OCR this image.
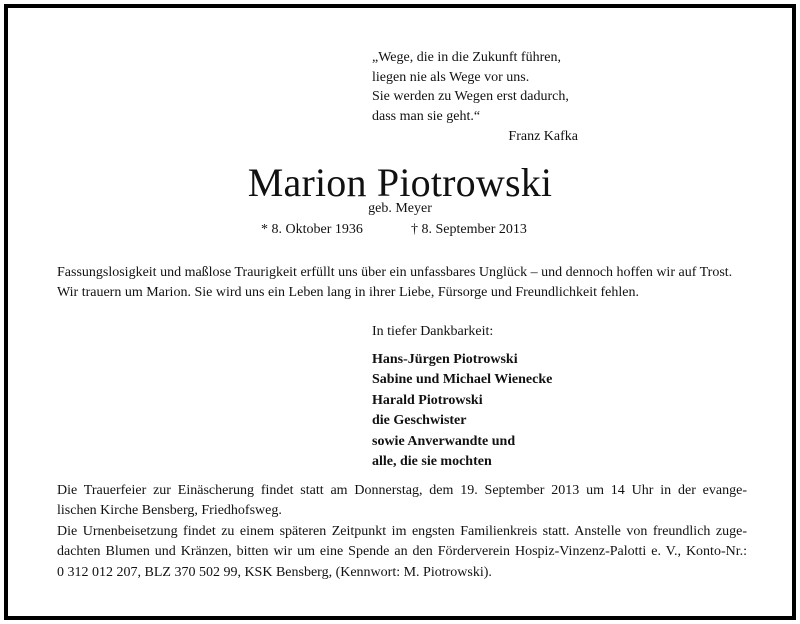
„Wege, die in die Zukunft führen,
liegen nie als Wege vor uns.
Sie werden zu Wegen erst dadurch,
dass man sie geht.“
Franz Kafka
Marion Piotrowski
geb. Meyer
* 8. Oktober 1936	† 8. September 2013
Fassungslosigkeit und maßlose Traurigkeit erfüllt uns über ein unfassbares Unglück – und dennoch hoffen wir auf Trost.
Wir trauern um Marion. Sie wird uns ein Leben lang in ihrer Liebe, Fürsorge und Freundlichkeit fehlen.
In tiefer Dankbarkeit:
Hans-Jürgen Piotrowski
Sabine und Michael Wienecke
Harald Piotrowski
die Geschwister
sowie Anverwandte und
alle, die sie mochten
Die Trauerfeier zur Einäscherung findet statt am Donnerstag, dem 19. September 2013 um 14 Uhr in der evange-
lischen Kirche Bensberg, Friedhofsweg.
Die Urnenbeisetzung findet zu einem späteren Zeitpunkt im engsten Familienkreis statt. Anstelle von freundlich zuge-
dachten Blumen und Kränzen, bitten wir um eine Spende an den Förderverein Hospiz-Vinzenz-Palotti e. V., Konto-Nr.:
0 312 012 207, BLZ 370 502 99, KSK Bensberg, (Kennwort: M. Piotrowski).
